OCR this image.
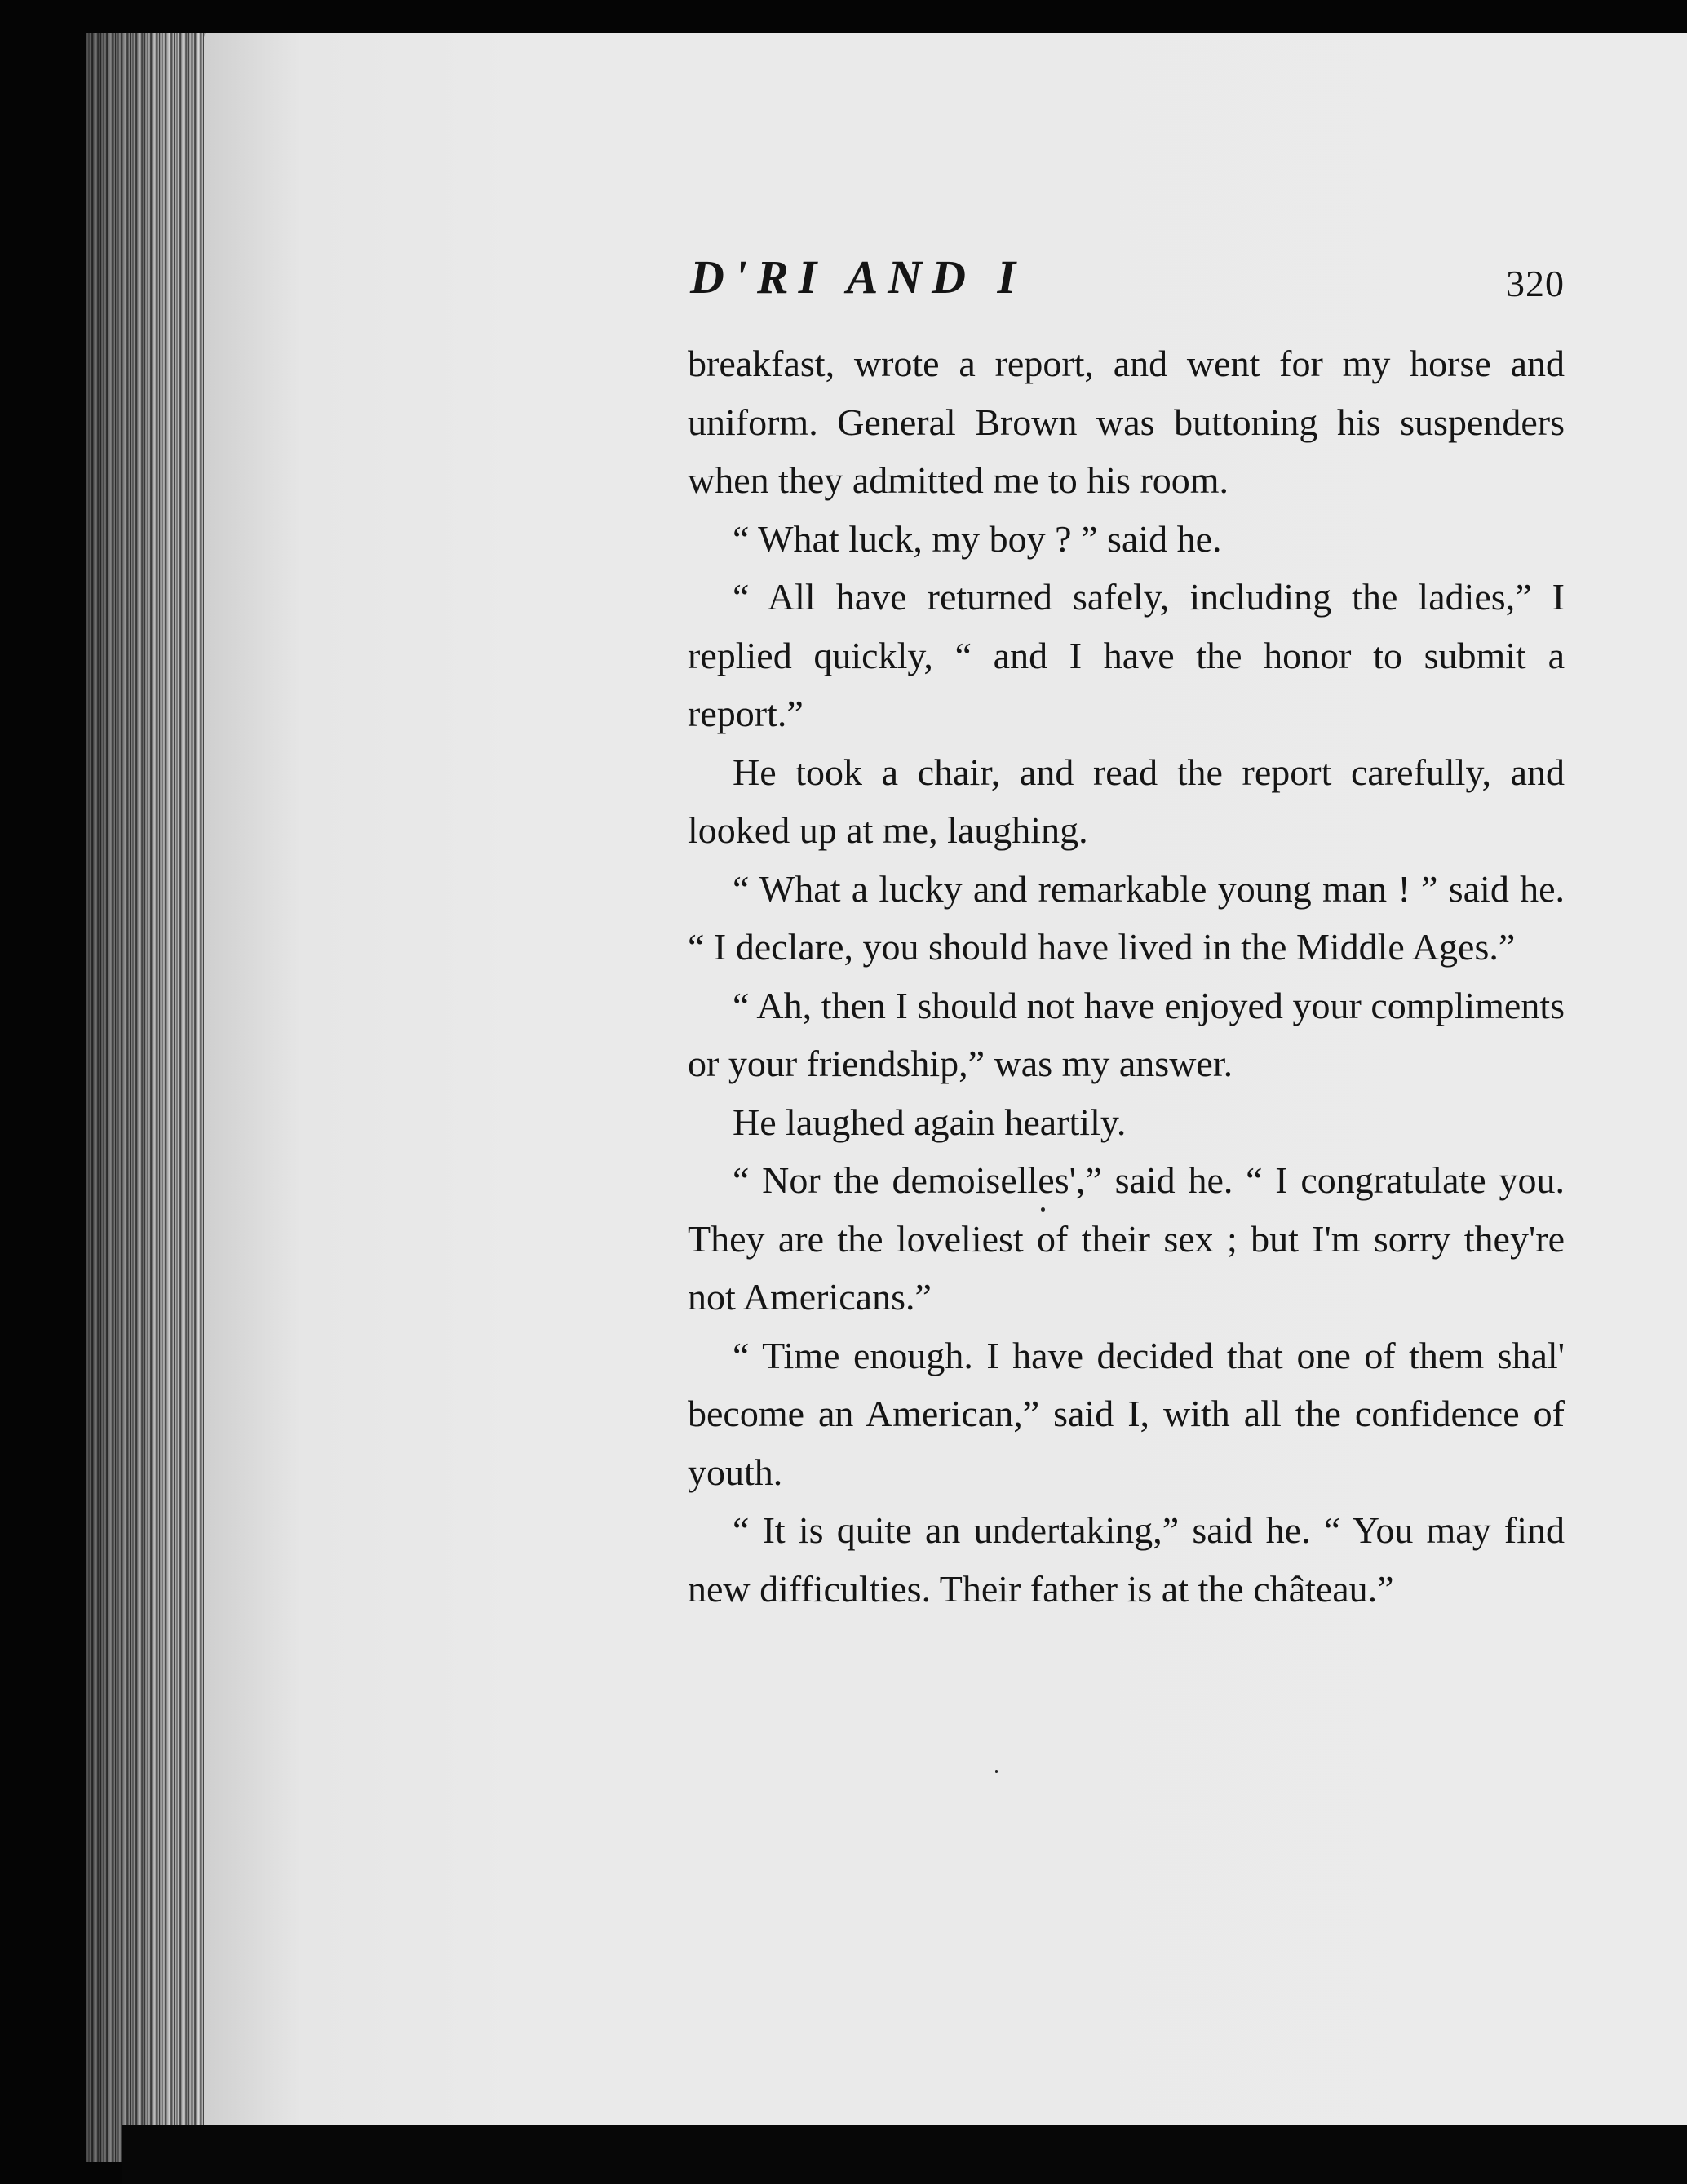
D'RI AND I	320

breakfast, wrote a report, and went for my horse and uniform. General Brown was buttoning his suspenders when they admitted me to his room.

“ What luck, my boy ? ” said he.

“ All have returned safely, including the ladies,” I replied quickly, “ and I have the honor to submit a report.”

He took a chair, and read the report carefully, and looked up at me, laughing.

“ What a lucky and remarkable young man ! ” said he. “ I declare, you should have lived in the Middle Ages.”

“ Ah, then I should not have enjoyed your compliments or your friendship,” was my answer.

He laughed again heartily.

“ Nor the demoiselles',” said he. “ I congratulate you. They are the loveliest of their sex ; but I'm sorry they're not Americans.”

“ Time enough. I have decided that one of them shal' become an American,” said I, with all the confidence of youth.

“ It is quite an undertaking,” said he. “ You may find new difficulties. Their father is at the château.”
